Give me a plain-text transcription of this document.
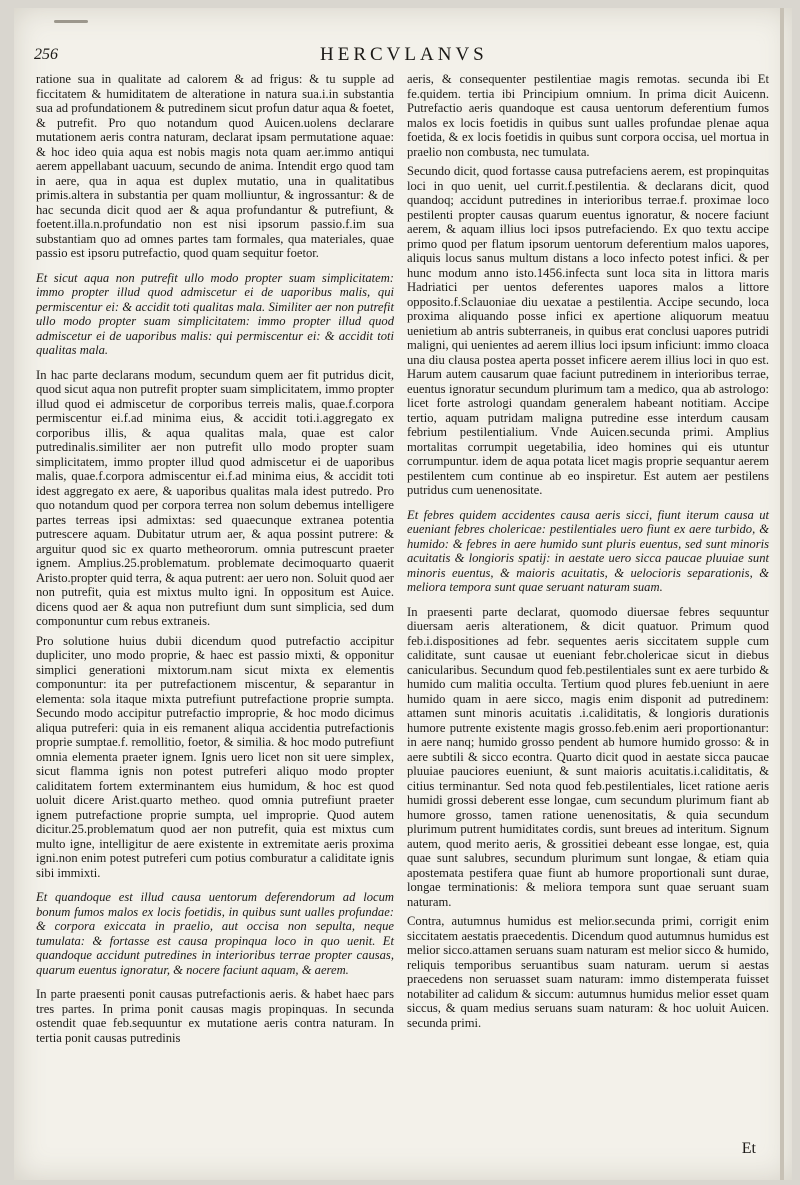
256	HERCVLANVS

ratione sua in qualitate ad calorem & ad frigus: & tu supple ad ficcitatem & humiditatem de alteratione in natura sua.i.in substantia sua ad profundationem & putredinem sicut profun datur aqua & foetet, & putrefit. Pro quo notandum quod Auicen.uolens declarare mutationem aeris contra naturam, declarat ipsam permutatione aquae: & hoc ideo quia aqua est nobis magis nota quam aer.immo antiqui aerem appellabant uacuum, secundo de anima. Intendit ergo quod tam in aere, qua in aqua est duplex mutatio, una in qualitatibus primis.altera in substantia per quam molliuntur, & ingrossantur: & de hac secunda dicit quod aer & aqua profundantur & putrefiunt, & foetent.illa.n.profundatio non est nisi ipsorum passio.f.im sua substantiam quo ad omnes partes tam formales, qua materiales, quae passio est ipsoru putrefactio, quod quam sequitur foetor.

Et sicut aqua non putrefit ullo modo propter suam simplicitatem: immo propter illud quod admiscetur ei de uaporibus malis, qui permiscentur ei: & accidit toti qualitas mala. Similiter aer non putrefit ullo modo propter suam simplicitatem: immo propter illud quod admiscetur ei de uaporibus malis: qui permiscentur ei: & accidit toti qualitas mala.

In hac parte declarans modum, secundum quem aer fit putridus dicit, quod sicut aqua non putrefit propter suam simplicitatem, immo propter illud quod ei admiscetur de corporibus terreis malis, quae.f.corpora permiscentur ei.f.ad minima eius, & accidit toti.i.aggregato ex corporibus illis, & aqua qualitas mala, quae est calor putredinalis.similiter aer non putrefit ullo modo propter suam simplicitatem, immo propter illud quod admiscetur ei de uaporibus malis, quae.f.corpora admiscentur ei.f.ad minima eius, & accidit toti idest aggregato ex aere, & uaporibus qualitas mala idest putredo. Pro quo notandum quod per corpora terrea non solum debemus intelligere partes terreas ipsi admixtas: sed quaecunque extranea potentia putrescere aquam. Dubitatur utrum aer, & aqua possint putrere: & arguitur quod sic ex quarto metheororum. omnia putrescunt praeter ignem. Amplius.25.problematum. problemate decimoquarto quaerit Aristo.propter quid terra, & aqua putrent: aer uero non. Soluit quod aer non putrefit, quia est mixtus multo igni. In oppositum est Auice. dicens quod aer & aqua non putrefiunt dum sunt simplicia, sed dum componuntur cum rebus extraneis.

Pro solutione huius dubii dicendum quod putrefactio accipitur dupliciter, uno modo proprie, & haec est passio mixti, & opponitur simplici generationi mixtorum.nam sicut mixta ex elementis componuntur: ita per putrefactionem miscentur, & separantur in elementa: sola itaque mixta putrefiunt putrefactione proprie sumpta. Secundo modo accipitur putrefactio improprie, & hoc modo dicimus aliqua putreferi: quia in eis remanent aliqua accidentia putrefactionis proprie sumptae.f. remollitio, foetor, & similia. & hoc modo putrefiunt omnia elementa praeter ignem. Ignis uero licet non sit uere simplex, sicut flamma ignis non potest putreferi aliquo modo propter caliditatem fortem exterminantem eius humidum, & hoc est quod uoluit dicere Arist.quarto metheo. quod omnia putrefiunt praeter ignem putrefactione proprie sumpta, uel improprie. Quod autem dicitur.25.problematum quod aer non putrefit, quia est mixtus cum multo igne, intelligitur de aere existente in extremitate aeris proxima igni.non enim potest putreferi cum potius comburatur a caliditate ignis sibi immixti.

Et quandoque est illud causa uentorum deferendorum ad locum bonum fumos malos ex locis foetidis, in quibus sunt ualles profundae: & corpora exiccata in praelio, aut occisa non sepulta, neque tumulata: & fortasse est causa propinqua loco in quo uenit. Et quandoque accidunt putredines in interioribus terrae propter causas, quarum euentus ignoratur, & nocere faciunt aquam, & aerem.

In parte praesenti ponit causas putrefactionis aeris. & habet haec pars tres partes. In prima ponit causas magis propinquas. In secunda ostendit quae feb.sequuntur ex mutatione aeris contra naturam. In tertia ponit causas putredinis

aeris, & consequenter pestilentiae magis remotas. secunda ibi Et fe.quidem. tertia ibi Principium omnium. In prima dicit Auicenn. Putrefactio aeris quandoque est causa uentorum deferentium fumos malos ex locis foetidis in quibus sunt ualles profundae plenae aqua foetida, & ex locis foetidis in quibus sunt corpora occisa, uel mortua in praelio non combusta, nec tumulata.

Secundo dicit, quod fortasse causa putrefaciens aerem, est propinquitas loci in quo uenit, uel currit.f.pestilentia. & declarans dicit, quod quandoq; accidunt putredines in interioribus terrae.f. proximae loco pestilenti propter causas quarum euentus ignoratur, & nocere faciunt aerem, & aquam illius loci ipsos putrefaciendo. Ex quo textu accipe primo quod per flatum ipsorum uentorum deferentium malos uapores, aliquis locus sanus multum distans a loco infecto potest infici. & per hunc modum anno isto.1456.infecta sunt loca sita in littora maris Hadriatici per uentos deferentes uapores malos a littore opposito.f.Sclauoniae diu uexatae a pestilentia. Accipe secundo, loca proxima aliquando posse infici ex apertione aliquorum meatuu uenietium ab antris subterraneis, in quibus erat conclusi uapores putridi maligni, qui uenientes ad aerem illius loci ipsum inficiunt: immo cloaca una diu clausa postea aperta posset inficere aerem illius loci in quo est. Harum autem causarum quae faciunt putredinem in interioribus terrae, euentus ignoratur secundum plurimum tam a medico, qua ab astrologo: licet forte astrologi quandam generalem habeant notitiam. Accipe tertio, aquam putridam maligna putredine esse interdum causam febrium pestilentialium. Vnde Auicen.secunda primi. Amplius mortalitas corrumpit uegetabilia, ideo homines qui eis utuntur corrumpuntur. idem de aqua potata licet magis proprie sequantur aerem pestilentem cum continue ab eo inspiretur. Est autem aer pestilens putridus cum uenenositate.

Et febres quidem accidentes causa aeris sicci, fiunt iterum causa ut eueniant febres cholericae: pestilentiales uero fiunt ex aere turbido, & humido: & febres in aere humido sunt pluris euentus, sed sunt minoris acuitatis & longioris spatij: in aestate uero sicca paucae pluuiae sunt minoris euentus, & maioris acuitatis, & uelocioris separationis, & meliora tempora sunt quae seruant naturam suam.

In praesenti parte declarat, quomodo diuersae febres sequuntur diuersam aeris alterationem, & dicit quatuor. Primum quod feb.i.dispositiones ad febr. sequentes aeris siccitatem supple cum caliditate, sunt causae ut eueniant febr.cholericae sicut in diebus canicularibus. Secundum quod feb.pestilentiales sunt ex aere turbido & humido cum malitia occulta. Tertium quod plures feb.ueniunt in aere humido quam in aere sicco, magis enim disponit ad putredinem: attamen sunt minoris acuitatis .i.caliditatis, & longioris durationis humore putrente existente magis grosso.feb.enim aeri proportionantur: in aere nanq; humido grosso pendent ab humore humido grosso: & in aere subtili & sicco econtra. Quarto dicit quod in aestate sicca paucae pluuiae pauciores eueniunt, & sunt maioris acuitatis.i.caliditatis, & citius terminantur. Sed nota quod feb.pestilentiales, licet ratione aeris humidi grossi deberent esse longae, cum secundum plurimum fiant ab humore grosso, tamen ratione uenenositatis, & quia secundum plurimum putrent humiditates cordis, sunt breues ad interitum. Signum autem, quod merito aeris, & grossitiei debeant esse longae, est, quia quae sunt salubres, secundum plurimum sunt longae, & etiam quia apostemata pestifera quae fiunt ab humore proportionali sunt durae, longae terminationis: & meliora tempora sunt quae seruant suam naturam.

Contra, autumnus humidus est melior.secunda primi, corrigit enim siccitatem aestatis praecedentis. Dicendum quod autumnus humidus est melior sicco.attamen seruans suam naturam est melior sicco & humido, reliquis temporibus seruantibus suam naturam. uerum si aestas praecedens non seruasset suam naturam: immo distemperata fuisset notabiliter ad calidum & siccum: autumnus humidus melior esset quam siccus, & quam medius seruans suam naturam: & hoc uoluit Auicen. secunda primi.

Et
